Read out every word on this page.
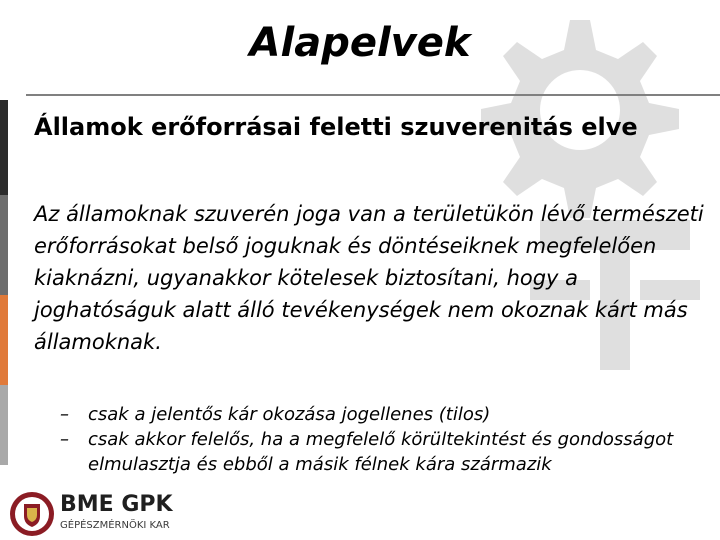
Alapelvek
Államok erőforrásai feletti szuverenitás elve
Az államoknak szuverén joga van a területükön lévő természeti erőforrásokat belső joguknak és döntéseiknek megfelelően kiaknázni, ugyanakkor kötelesek biztosítani, hogy a joghatóságuk alatt álló tevékenységek nem okoznak kárt más államoknak.
– csak a jelentős kár okozása jogellenes (tilos)
– csak akkor felelős, ha a megfelelő körültekintést és gondosságot elmulasztja és ebből a másik félnek kára származik
BME GPK
GÉPÉSZMÉRNÖKI KAR
